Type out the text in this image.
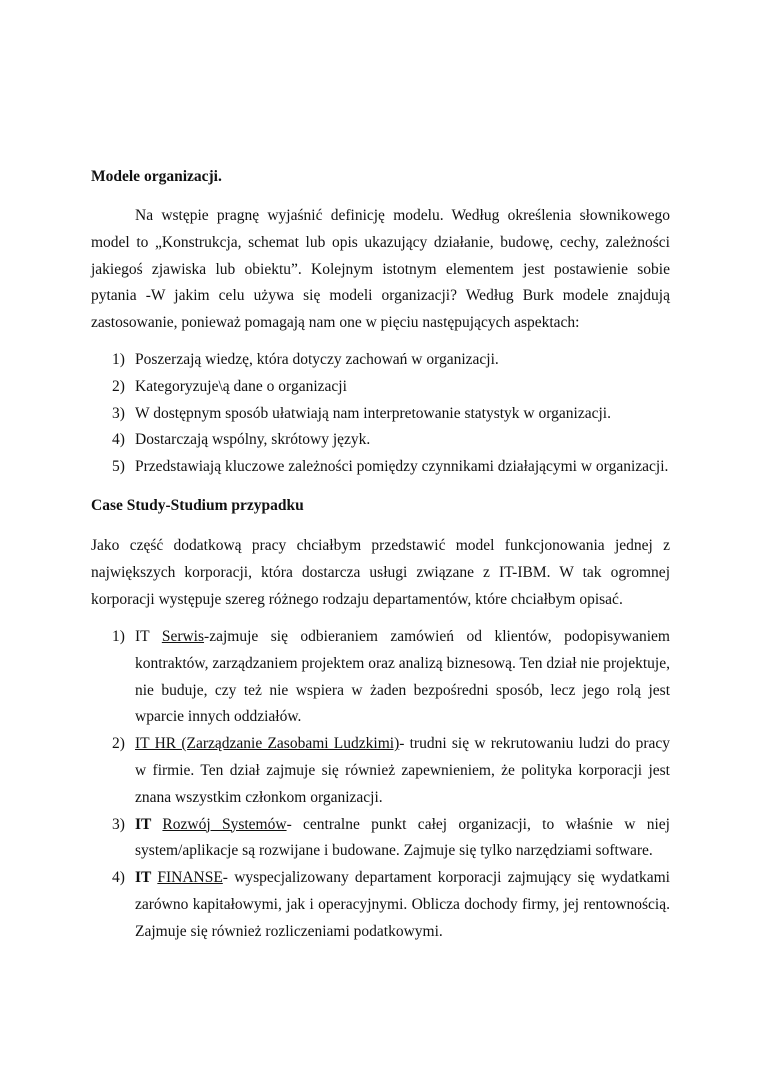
Modele organizacji.

Na wstępie pragnę wyjaśnić definicję modelu. Według określenia słownikowego model to „Konstrukcja, schemat lub opis ukazujący działanie, budowę, cechy, zależności jakiegoś zjawiska lub obiektu”. Kolejnym istotnym elementem jest postawienie sobie pytania -W jakim celu używa się modeli organizacji? Według Burk modele znajdują zastosowanie, ponieważ pomagają nam one w pięciu następujących aspektach:

1) Poszerzają wiedzę, która dotyczy zachowań w organizacji.
2) Kategoryzuje\ą dane o organizacji
3) W dostępnym sposób ułatwiają nam interpretowanie statystyk w organizacji.
4) Dostarczają wspólny, skrótowy język.
5) Przedstawiają kluczowe zależności pomiędzy czynnikami działającymi w organizacji.
Case Study-Studium przypadku

Jako część dodatkową pracy chciałbym przedstawić model funkcjonowania jednej z największych korporacji, która dostarcza usługi związane z IT-IBM. W tak ogromnej korporacji występuje szereg różnego rodzaju departamentów, które chciałbym opisać.

1) IT Serwis-zajmuje się odbieraniem zamówień od klientów, podopisywaniem kontraktów, zarządzaniem projektem oraz analizą biznesową. Ten dział nie projektuje, nie buduje, czy też nie wspiera w żaden bezpośredni sposób, lecz jego rolą jest wparcie innych oddziałów.
2) IT HR (Zarządzanie Zasobami Ludzkimi)- trudni się w rekrutowaniu ludzi do pracy w firmie. Ten dział zajmuje się również zapewnieniem, że polityka korporacji jest znana wszystkim członkom organizacji.
3) IT Rozwój Systemów- centralne punkt całej organizacji, to właśnie w niej system/aplikacje są rozwijane i budowane. Zajmuje się tylko narzędziami software.
4) IT FINANSE- wyspecjalizowany departament korporacji zajmujący się wydatkami zarówno kapitałowymi, jak i operacyjnymi. Oblicza dochody firmy, jej rentownością. Zajmuje się również rozliczeniami podatkowymi.
